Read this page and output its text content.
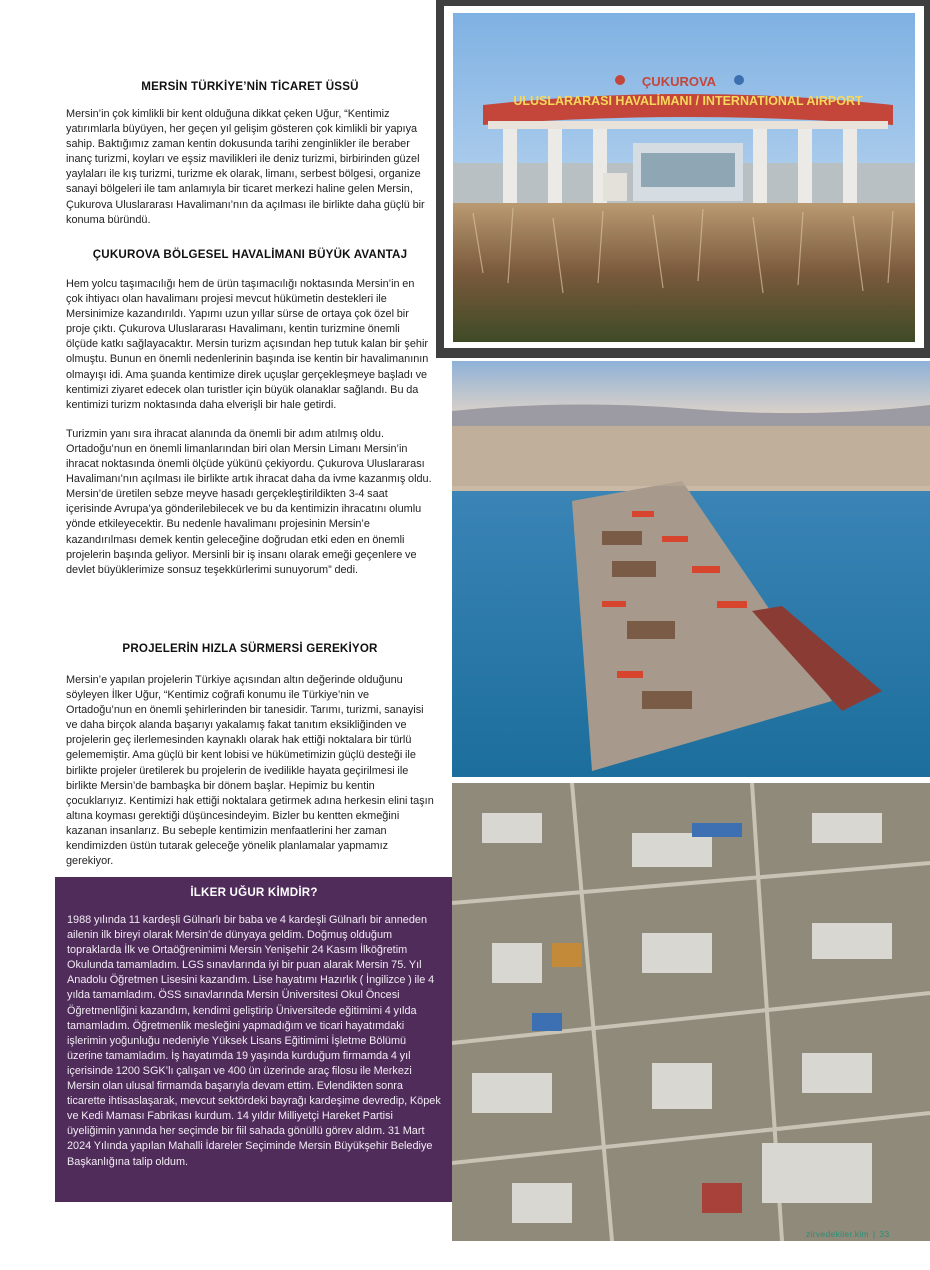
MERSİN TÜRKİYE’NİN TİCARET ÜSSÜ

Mersin’in çok kimlikli bir kent olduğuna dikkat çeken Uğur, “Kentimiz yatırımlarla büyüyen, her geçen yıl gelişim gösteren çok kimlikli bir yapıya sahip. Baktığımız zaman kentin dokusunda tarihi zenginlikler ile beraber inanç turizmi, koyları ve eşsiz mavilikleri ile deniz turizmi, birbirinden güzel yaylaları ile kış turizmi, turizme ek olarak, limanı, serbest bölgesi, organize sanayi bölgeleri ile tam anlamıyla bir ticaret merkezi haline gelen Mersin, Çukurova Uluslararası Havalimanı’nın da açılması ile birlikte daha güçlü bir konuma büründü.

ÇUKUROVA BÖLGESEL HAVALİMANI BÜYÜK AVANTAJ

Hem yolcu taşımacılığı hem de ürün taşımacılığı noktasında Mersin’in en çok ihtiyacı olan havalimanı projesi mevcut hükümetin destekleri ile Mersinimize kazandırıldı. Yapımı uzun yıllar sürse de ortaya çok özel bir proje çıktı. Çukurova Uluslararası Havalimanı, kentin turizmine önemli ölçüde katkı sağlayacaktır. Mersin turizm açısından hep tutuk kalan bir şehir olmuştu. Bunun en önemli nedenlerinin başında ise kentin bir havalimanının olmayışı idi. Ama şuanda kentimize direk uçuşlar gerçekleşmeye başladı ve kentimizi ziyaret edecek olan turistler için büyük olanaklar sağlandı. Bu da kentimizi turizm noktasında daha elverişli bir hale getirdi.

Turizmin yanı sıra ihracat alanında da önemli bir adım atılmış oldu. Ortadoğu’nun en önemli limanlarından biri olan Mersin Limanı Mersin’in ihracat noktasında önemli ölçüde yükünü çekiyordu. Çukurova Uluslararası Havalimanı’nın açılması ile birlikte artık ihracat daha da ivme kazanmış oldu. Mersin’de üretilen sebze meyve hasadı gerçekleştirildikten 3-4 saat içerisinde Avrupa’ya gönderilebilecek ve bu da kentimizin ihracatını olumlu yönde etkileyecektir. Bu nedenle havalimanı projesinin Mersin’e kazandırılması demek kentin geleceğine doğrudan etki eden en önemli projelerin başında geliyor. Mersinli bir iş insanı olarak emeği geçenlere ve devlet büyüklerimize sonsuz teşekkürlerimi sunuyorum” dedi.

PROJELERİN HIZLA SÜRMERSİ GEREKİYOR

Mersin’e yapılan projelerin Türkiye açısından altın değerinde olduğunu söyleyen İlker Uğur, “Kentimiz coğrafi konumu ile Türkiye’nin ve Ortadoğu’nun en önemli şehirlerinden bir tanesidir. Tarımı, turizmi, sanayisi ve daha birçok alanda başarıyı yakalamış fakat tanıtım eksikliğinden ve projelerin geç ilerlemesinden kaynaklı olarak hak ettiği noktalara bir türlü gelememiştir. Ama güçlü bir kent lobisi ve hükümetimizin güçlü desteği ile birlikte projeler üretilerek bu projelerin de ivedilikle hayata geçirilmesi ile birlikte Mersin’de bambaşka bir dönem başlar. Hepimiz bu kentin çocuklarıyız. Kentimizi hak ettiği noktalara getirmek adına herkesin elini taşın altına koyması gerektiği düşüncesindeyim. Bizler bu kentten ekmeğini kazanan insanlarız. Bu sebeple kentimizin menfaatlerini her zaman kendimizden üstün tutarak geleceğe yönelik planlamalar yapmamız gerekiyor.

İLKER UĞUR KİMDİR?

1988 yılında 11 kardeşli Gülnarlı bir baba ve 4 kardeşli Gülnarlı bir anneden ailenin ilk bireyi olarak Mersin’de dünyaya geldim. Doğmuş olduğum topraklarda İlk ve Ortaöğrenimimi Mersin Yenişehir 24 Kasım İlköğretim Okulunda tamamladım. LGS sınavlarında iyi bir puan alarak Mersin 75. Yıl Anadolu Öğretmen Lisesini kazandım. Lise hayatımı Hazırlık ( İngilizce ) ile 4 yılda tamamladım. ÖSS sınavlarında Mersin Üniversitesi Okul Öncesi Öğretmenliğini kazandım, kendimi geliştirip Üniversitede eğitimimi 4 yılda tamamladım. Öğretmenlik mesleğini yapmadığım ve ticari hayatımdaki işlerimin yoğunluğu nedeniyle Yüksek Lisans Eğitimimi İşletme Bölümü üzerine tamamladım. İş hayatımda 19 yaşında kurduğum firmamda 4 yıl içerisinde 1200 SGK’lı çalışan ve 400 ün üzerinde araç filosu ile Merkezi Mersin olan ulusal firmamda başarıyla devam ettim. Evlendikten sonra ticarette ihtisaslaşarak, mevcut sektördeki bayrağı kardeşime devredip, Köpek ve Kedi Maması Fabrikası kurdum. 14 yıldır Milliyetçi Hareket Partisi üyeliğimin yanında her seçimde bir fiil sahada gönüllü görev aldım. 31 Mart 2024 Yılında yapılan Mahalli İdareler Seçiminde Mersin Büyükşehir Belediye Başkanlığına talip oldum.

ÇUKUROVA
ULUSLARARASI HAVALİMANI / INTERNATIONAL AIRPORT
zirvedekiler.kim | 33
